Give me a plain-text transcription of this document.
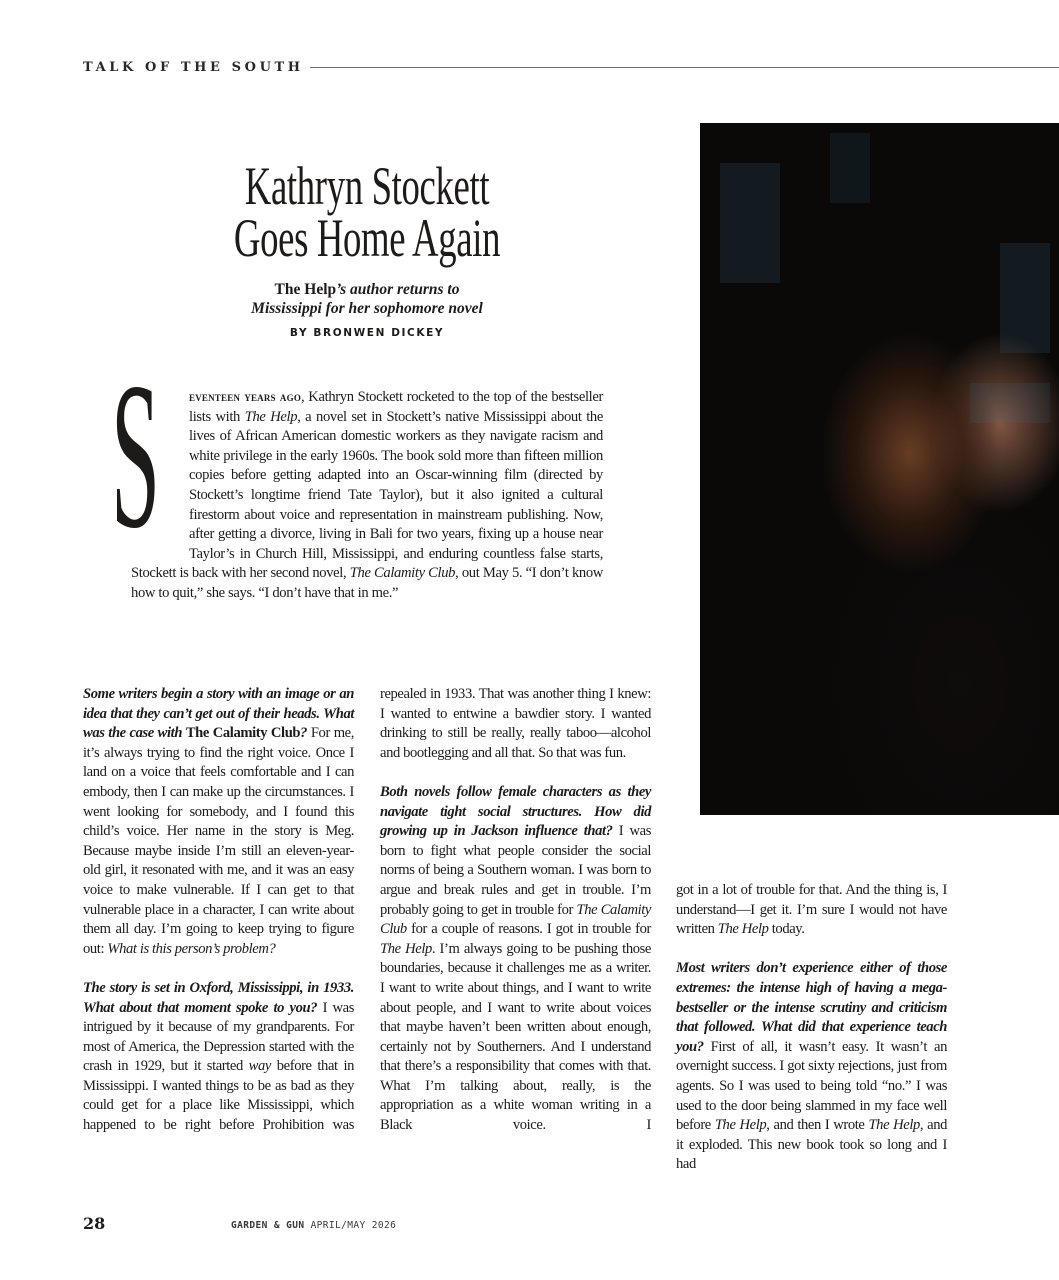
TALK OF THE SOUTH
Kathryn Stockett
Goes Home Again
The Help’s author returns to
Mississippi for her sophomore novel
BY BRONWEN DICKEY
S	eventeen years ago, Kathryn Stockett rocketed to the top of the bestseller lists with The Help, a novel set in Stockett’s native Mississippi about the lives of African American domestic workers as they navigate racism and white privilege in the early 1960s. The book sold more than fifteen million copies before getting adapted into an Oscar-winning film (directed by Stockett’s longtime friend Tate Taylor), but it also ignited a cultural firestorm about voice and representation in mainstream publishing. Now, after getting a divorce, living in Bali for two years, fixing up a house near Taylor’s in Church Hill, Mississippi, and enduring countless false starts, Stockett is back with her second novel, The Calamity Club, out May 5. “I don’t know how to quit,” she says. “I don’t have that in me.”

Some writers begin a story with an image or an idea that they can’t get out of their heads. What was the case with The Calamity Club? For me, it’s always trying to find the right voice. Once I land on a voice that feels comfortable and I can embody, then I can make up the circumstances. I went looking for somebody, and I found this child’s voice. Her name in the story is Meg. Because maybe inside I’m still an eleven-year-old girl, it resonated with me, and it was an easy voice to make vulnerable. If I can get to that vulnerable place in a character, I can write about them all day. I’m going to keep trying to figure out: What is this person’s problem?

The story is set in Oxford, Mississippi, in 1933. What about that moment spoke to you? I was intrigued by it because of my grandparents. For most of America, the Depression started with the crash in 1929, but it started way before that in Mississippi. I wanted things to be as bad as they could get for a place like Mississippi, which happened to be right before Prohibition was

repealed in 1933. That was another thing I knew: I wanted to entwine a bawdier story. I wanted drinking to still be really, really taboo—alcohol and bootlegging and all that. So that was fun.

Both novels follow female characters as they navigate tight social structures. How did growing up in Jackson influence that? I was born to fight what people consider the social norms of being a Southern woman. I was born to argue and break rules and get in trouble. I’m probably going to get in trouble for The Calamity Club for a couple of reasons. I got in trouble for The Help. I’m always going to be pushing those boundaries, because it challenges me as a writer. I want to write about things, and I want to write about people, and I want to write about voices that maybe haven’t been written about enough, certainly not by Southerners. And I understand that there’s a responsibility that comes with that. What I’m talking about, really, is the appropriation as a white woman writing in a Black voice. I

got in a lot of trouble for that. And the thing is, I understand—I get it. I’m sure I would not have written The Help today.

Most writers don’t experience either of those extremes: the intense high of having a mega-bestseller or the intense scrutiny and criticism that followed. What did that experience teach you? First of all, it wasn’t easy. It wasn’t an overnight success. I got sixty rejections, just from agents. So I was used to being told “no.” I was used to the door being slammed in my face well before The Help, and then I wrote The Help, and it exploded. This new book took so long and I had

28	GARDEN & GUN APRIL/MAY 2026
